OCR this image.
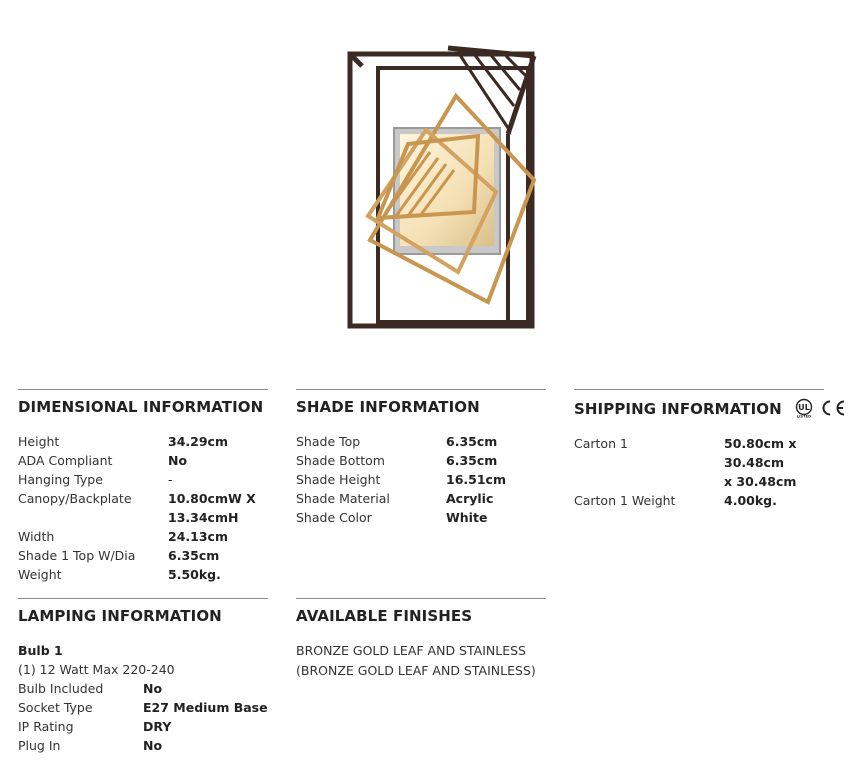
DIMENSIONAL INFORMATION
Height	34.29cm
ADA Compliant	No
Hanging Type	-
Canopy/Backplate	10.80cmW X
13.34cmH
Width	24.13cm
Shade 1 Top W/Dia	6.35cm
Weight	5.50kg.
SHADE INFORMATION
Shade Top	6.35cm
Shade Bottom	6.35cm
Shade Height	16.51cm
Shade Material	Acrylic
Shade Color	White
SHIPPING INFORMATION UL
LISTED
Carton 1	50.80cm x 30.48cm
x 30.48cm
Carton 1 Weight	4.00kg.
LAMPING INFORMATION
Bulb 1
(1) 12 Watt Max 220-240
Bulb Included	No
Socket Type	E27 Medium Base
IP Rating	DRY
Plug In	No
AVAILABLE FINISHES
BRONZE GOLD LEAF AND STAINLESS
(BRONZE GOLD LEAF AND STAINLESS)
